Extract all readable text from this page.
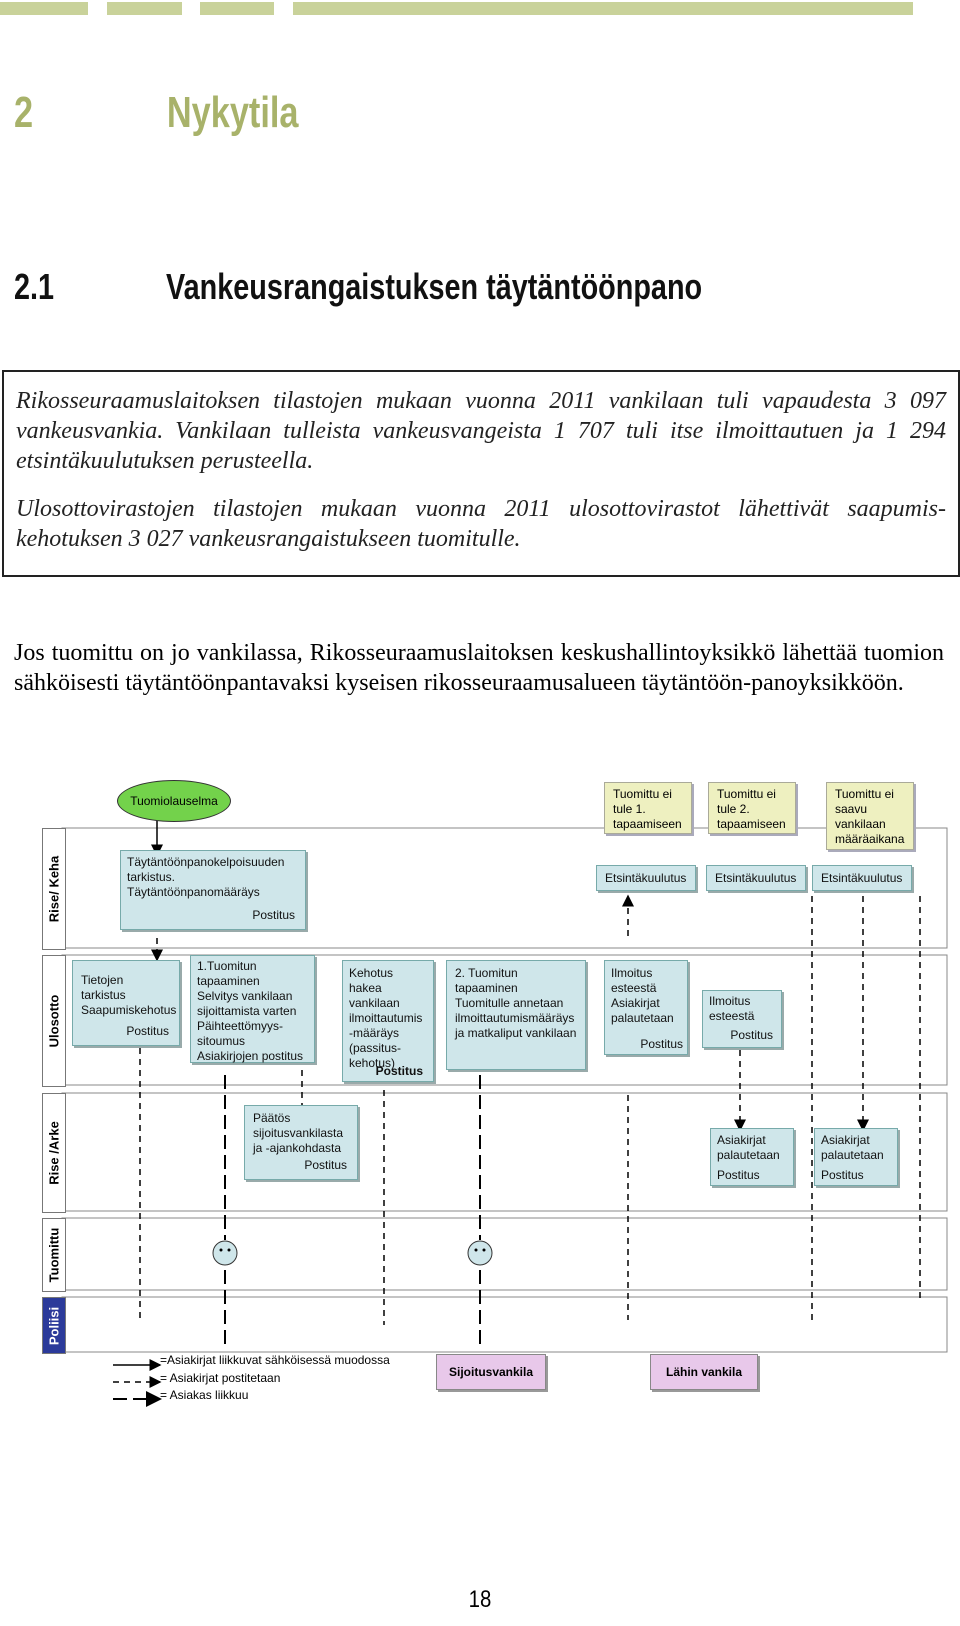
2	Nykytila
2.1	Vankeusrangaistuksen täytäntöönpano

Rikosseuraamuslaitoksen tilastojen mukaan vuonna 2011 vankilaan tuli vapaudesta 3 097 vankeusvankia. Vankilaan tulleista vankeusvangeista 1 707 tuli itse ilmoittautuen ja 1 294 etsintäkuulutuksen perusteella.

Ulosottovirastojen tilastojen mukaan vuonna 2011 ulosottovirastot lähettivät saapumis-kehotuksen 3 027 vankeusrangaistukseen tuomitulle.

Jos tuomittu on jo vankilassa, Rikosseuraamuslaitoksen keskushallintoyksikkö lähettää tuomion sähköisesti täytäntöönpantavaksi kyseisen rikosseuraamusalueen täytäntöön-panoyksikköön.

Rise/ Keha
Ulosotto
Rise /Arke
Tuomittu
Poliisi
Tuomiolauselma
Täytäntöönpanokelpoisuuden
tarkistus.
Täytäntöönpanomääräys
Postitus
Tuomittu ei
tule 1.
tapaamiseen
Tuomittu ei
tule 2.
tapaamiseen
Tuomittu ei
saavu
vankilaan
määräaikana
Etsintäkuulutus	Etsintäkuulutus	Etsintäkuulutus
Tietojen tarkistus
Saapumiskehotus
Postitus
1.Tuomitun
tapaaminen
Selvitys vankilaan
sijoittamista varten
Päihteettömyys-
sitoumus
Asiakirjojen postitus
Kehotus
hakea
vankilaan
ilmoittautumis
-määräys
(passitus-
kehotus)
Postitus
2. Tuomitun
tapaaminen
Tuomitulle annetaan
ilmoittautumismääräys
ja matkaliput vankilaan
Ilmoitus
esteestä
Asiakirjat
palautetaan
Postitus
Ilmoitus
esteestä
Postitus
Päätös
sijoitusvankilasta
ja -ajankohdasta
Postitus
Asiakirjat
palautetaan
Postitus
Asiakirjat
palautetaan
Postitus
=Asiakirjat liikkuvat sähköisessä muodossa
= Asiakirjat postitetaan
= Asiakas liikkuu
Sijoitusvankila	Lähin vankila
18
